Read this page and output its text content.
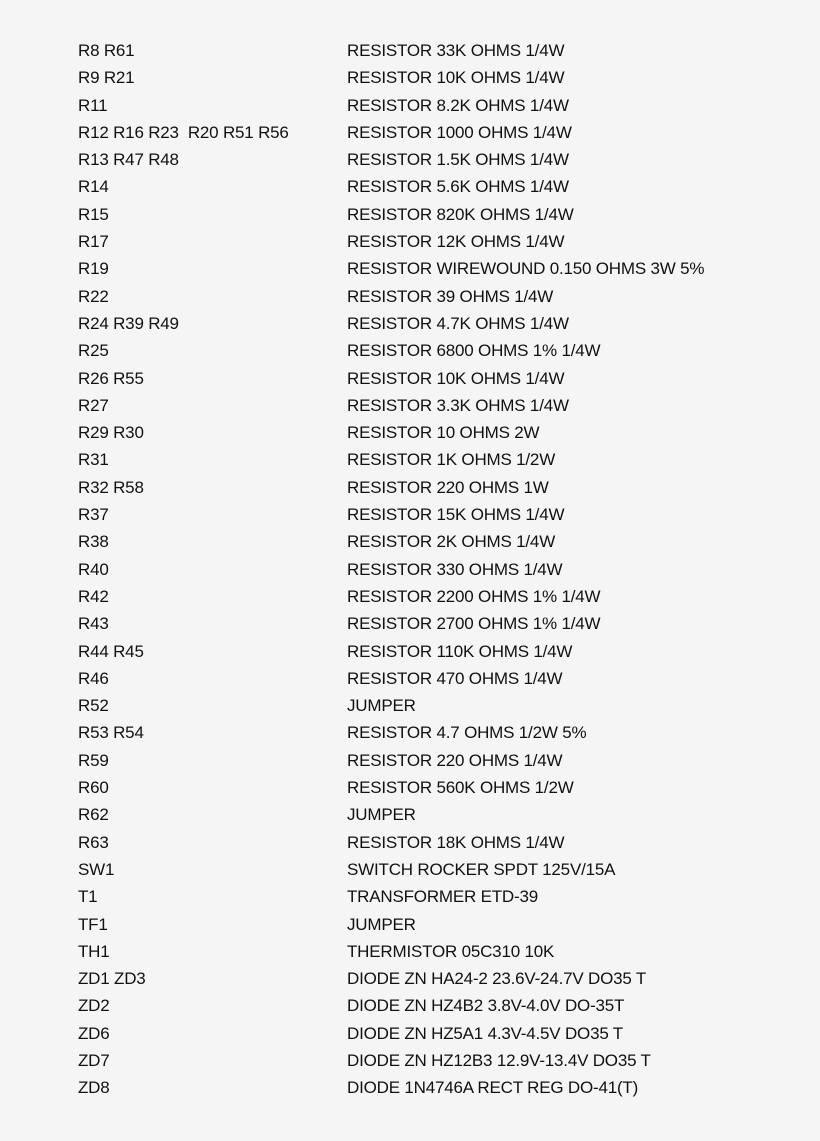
R8 R61	RESISTOR 33K OHMS 1/4W
R9 R21	RESISTOR 10K OHMS 1/4W
R11	RESISTOR 8.2K OHMS 1/4W
R12 R16 R23  R20 R51 R56	RESISTOR 1000 OHMS 1/4W
R13 R47 R48	RESISTOR 1.5K OHMS 1/4W
R14	RESISTOR 5.6K OHMS 1/4W
R15	RESISTOR 820K OHMS 1/4W
R17	RESISTOR 12K OHMS 1/4W
R19	RESISTOR WIREWOUND 0.150 OHMS 3W 5%
R22	RESISTOR 39 OHMS 1/4W
R24 R39 R49	RESISTOR 4.7K OHMS 1/4W
R25	RESISTOR 6800 OHMS 1% 1/4W
R26 R55	RESISTOR 10K OHMS 1/4W
R27	RESISTOR 3.3K OHMS 1/4W
R29 R30	RESISTOR 10 OHMS 2W
R31	RESISTOR 1K OHMS 1/2W
R32 R58	RESISTOR 220 OHMS 1W
R37	RESISTOR 15K OHMS 1/4W
R38	RESISTOR 2K OHMS 1/4W
R40	RESISTOR 330 OHMS 1/4W
R42	RESISTOR 2200 OHMS 1% 1/4W
R43	RESISTOR 2700 OHMS 1% 1/4W
R44 R45	RESISTOR 110K OHMS 1/4W
R46	RESISTOR 470 OHMS 1/4W
R52	JUMPER
R53 R54	RESISTOR 4.7 OHMS 1/2W 5%
R59	RESISTOR 220 OHMS 1/4W
R60	RESISTOR 560K OHMS 1/2W
R62	JUMPER
R63	RESISTOR 18K OHMS 1/4W
SW1	SWITCH ROCKER SPDT 125V/15A
T1	TRANSFORMER ETD-39
TF1	JUMPER
TH1	THERMISTOR 05C310 10K
ZD1 ZD3	DIODE ZN HA24-2 23.6V-24.7V DO35 T
ZD2	DIODE ZN HZ4B2 3.8V-4.0V DO-35T
ZD6	DIODE ZN HZ5A1 4.3V-4.5V DO35 T
ZD7	DIODE ZN HZ12B3 12.9V-13.4V DO35 T
ZD8	DIODE 1N4746A RECT REG DO-41(T)
